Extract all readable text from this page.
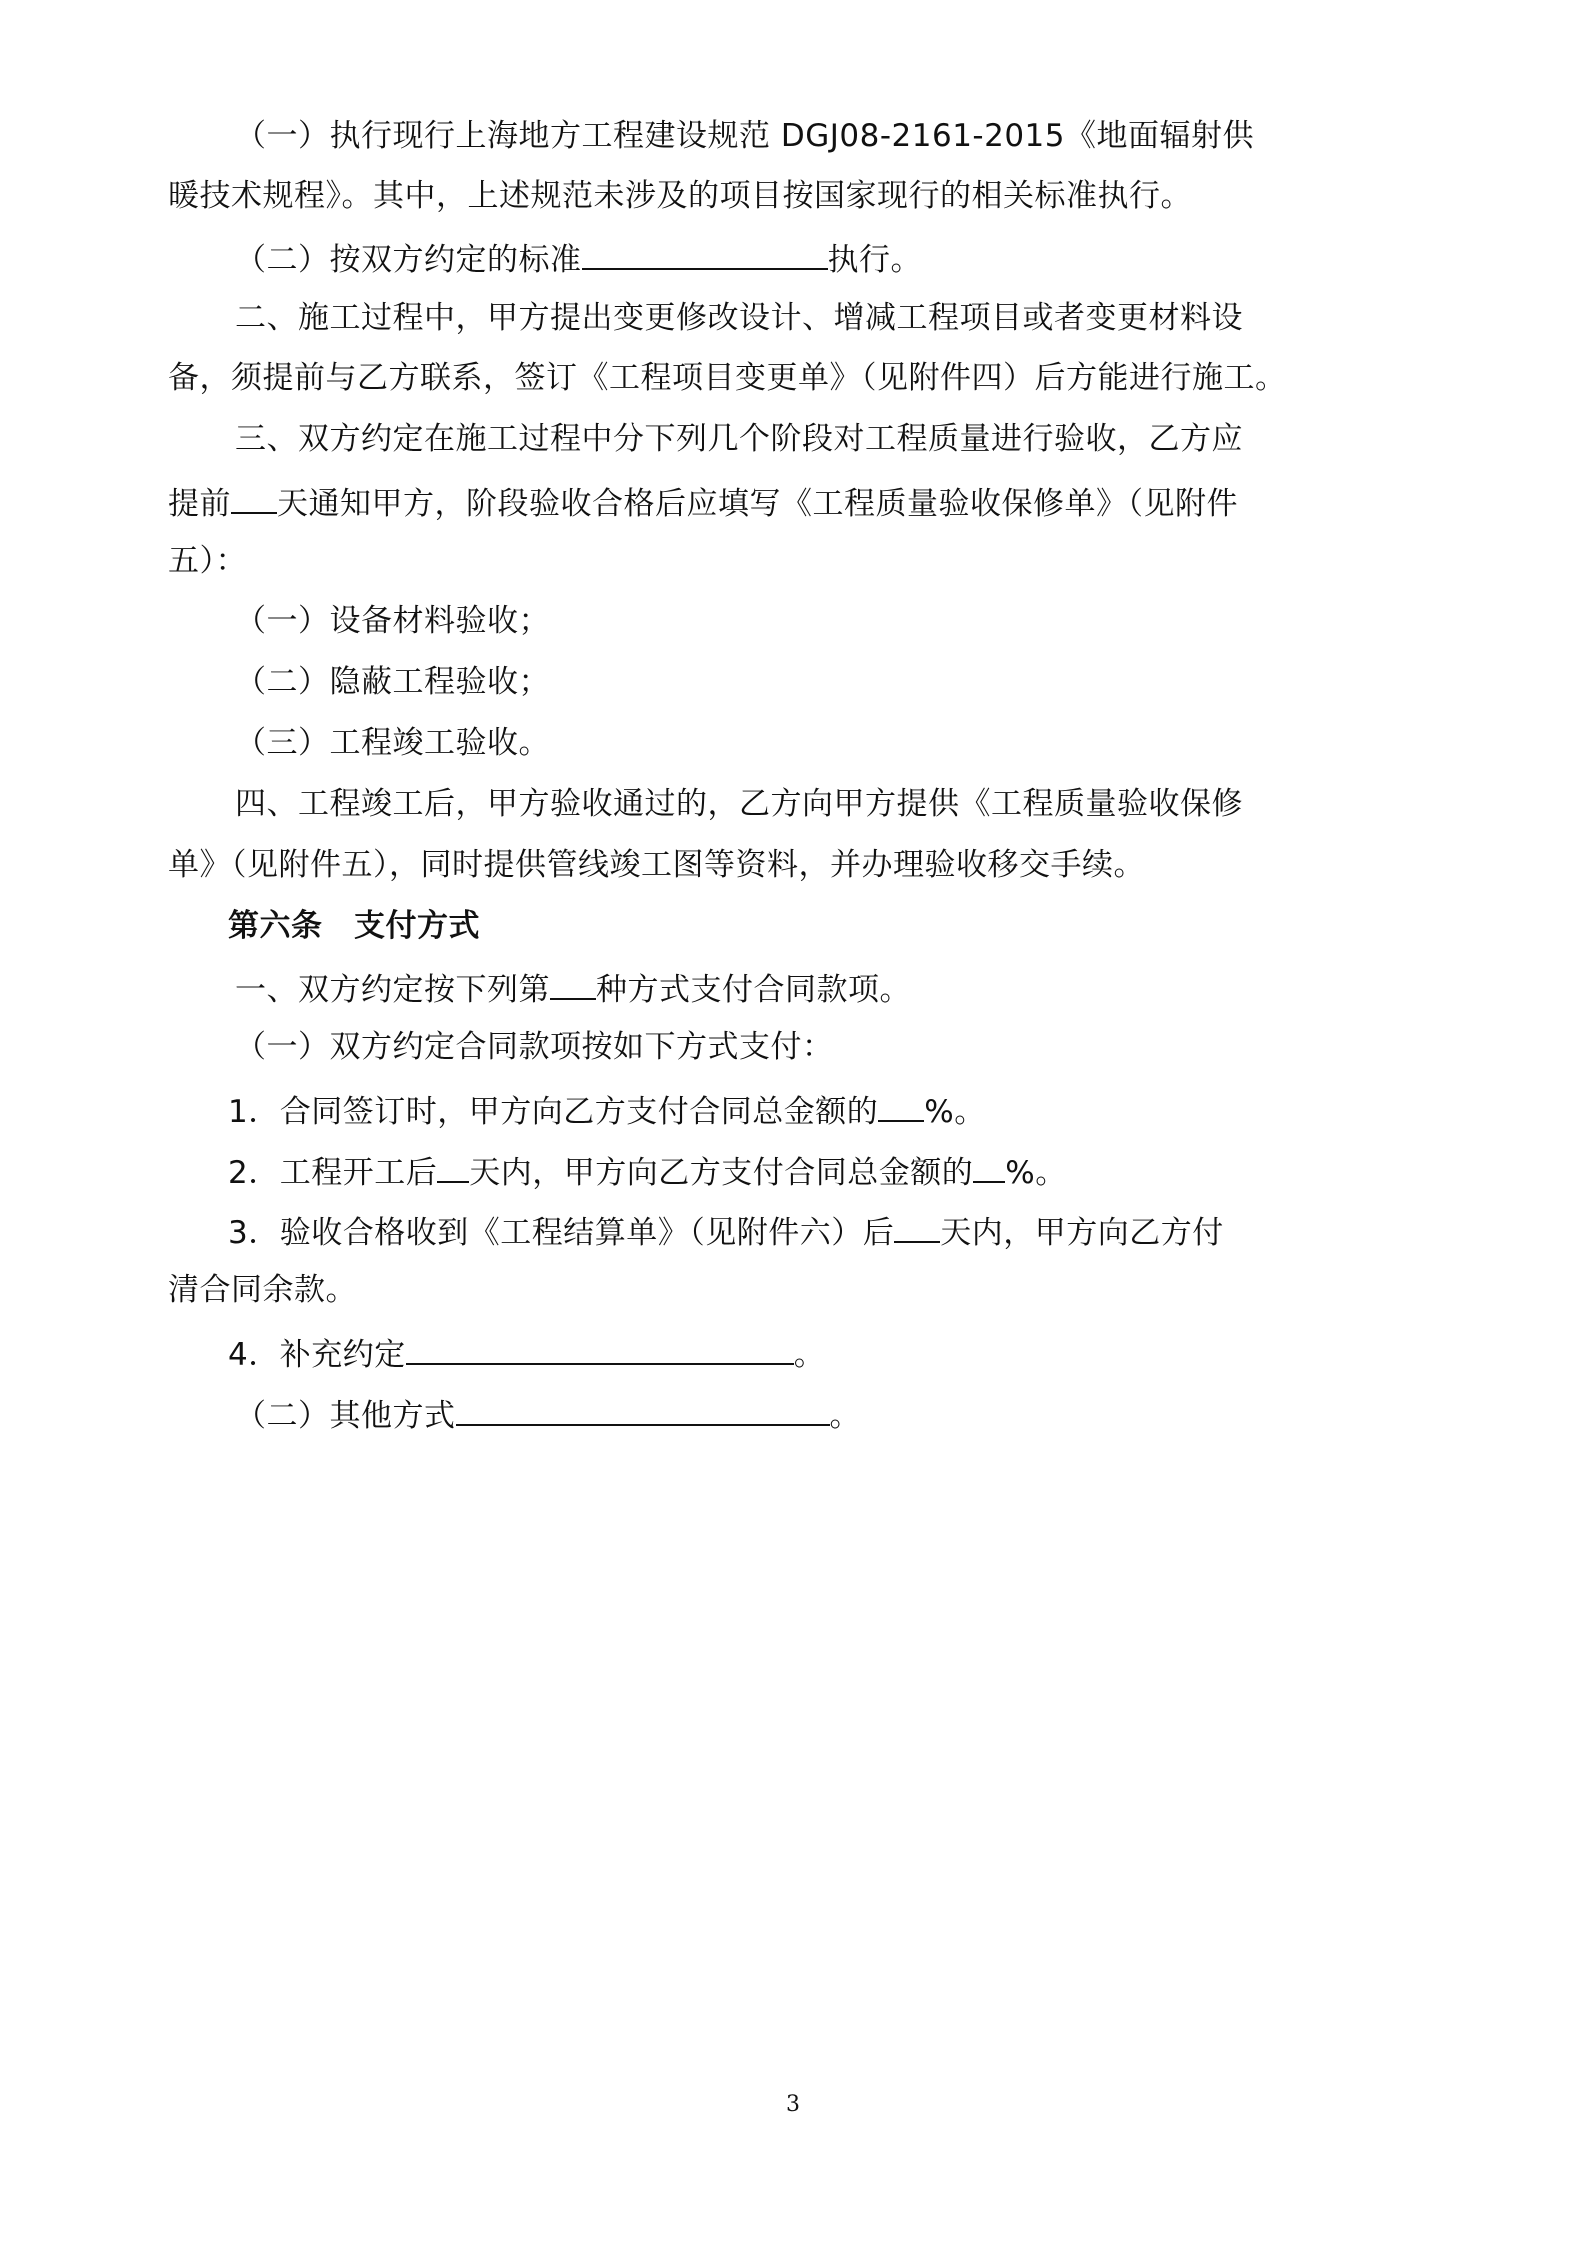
（一）执行现行上海地方工程建设规范 DGJ08-2161-2015《地面辐射供
暖技术规程》。其中，上述规范未涉及的项目按国家现行的相关标准执行。
（二）按双方约定的标准	执行。
二、施工过程中，甲方提出变更修改设计、增减工程项目或者变更材料设
备，须提前与乙方联系，签订《工程项目变更单》（见附件四）后方能进行施工。
三、双方约定在施工过程中分下列几个阶段对工程质量进行验收，乙方应
提前 天通知甲方，阶段验收合格后应填写《工程质量验收保修单》（见附件
五）：
（一）设备材料验收；
（二）隐蔽工程验收；
（三）工程竣工验收。
四、工程竣工后，甲方验收通过的，乙方向甲方提供《工程质量验收保修
单》（见附件五），同时提供管线竣工图等资料，并办理验收移交手续。
第六条　支付方式
一、双方约定按下列第 种方式支付合同款项。
（一）双方约定合同款项按如下方式支付：
1．合同签订时，甲方向乙方支付合同总金额的 %。
2．工程开工后 天内，甲方向乙方支付合同总金额的 %。
3．验收合格收到《工程结算单》（见附件六）后 天内，甲方向乙方付
清合同余款。
4．补充约定	。
（二）其他方式	。
3
